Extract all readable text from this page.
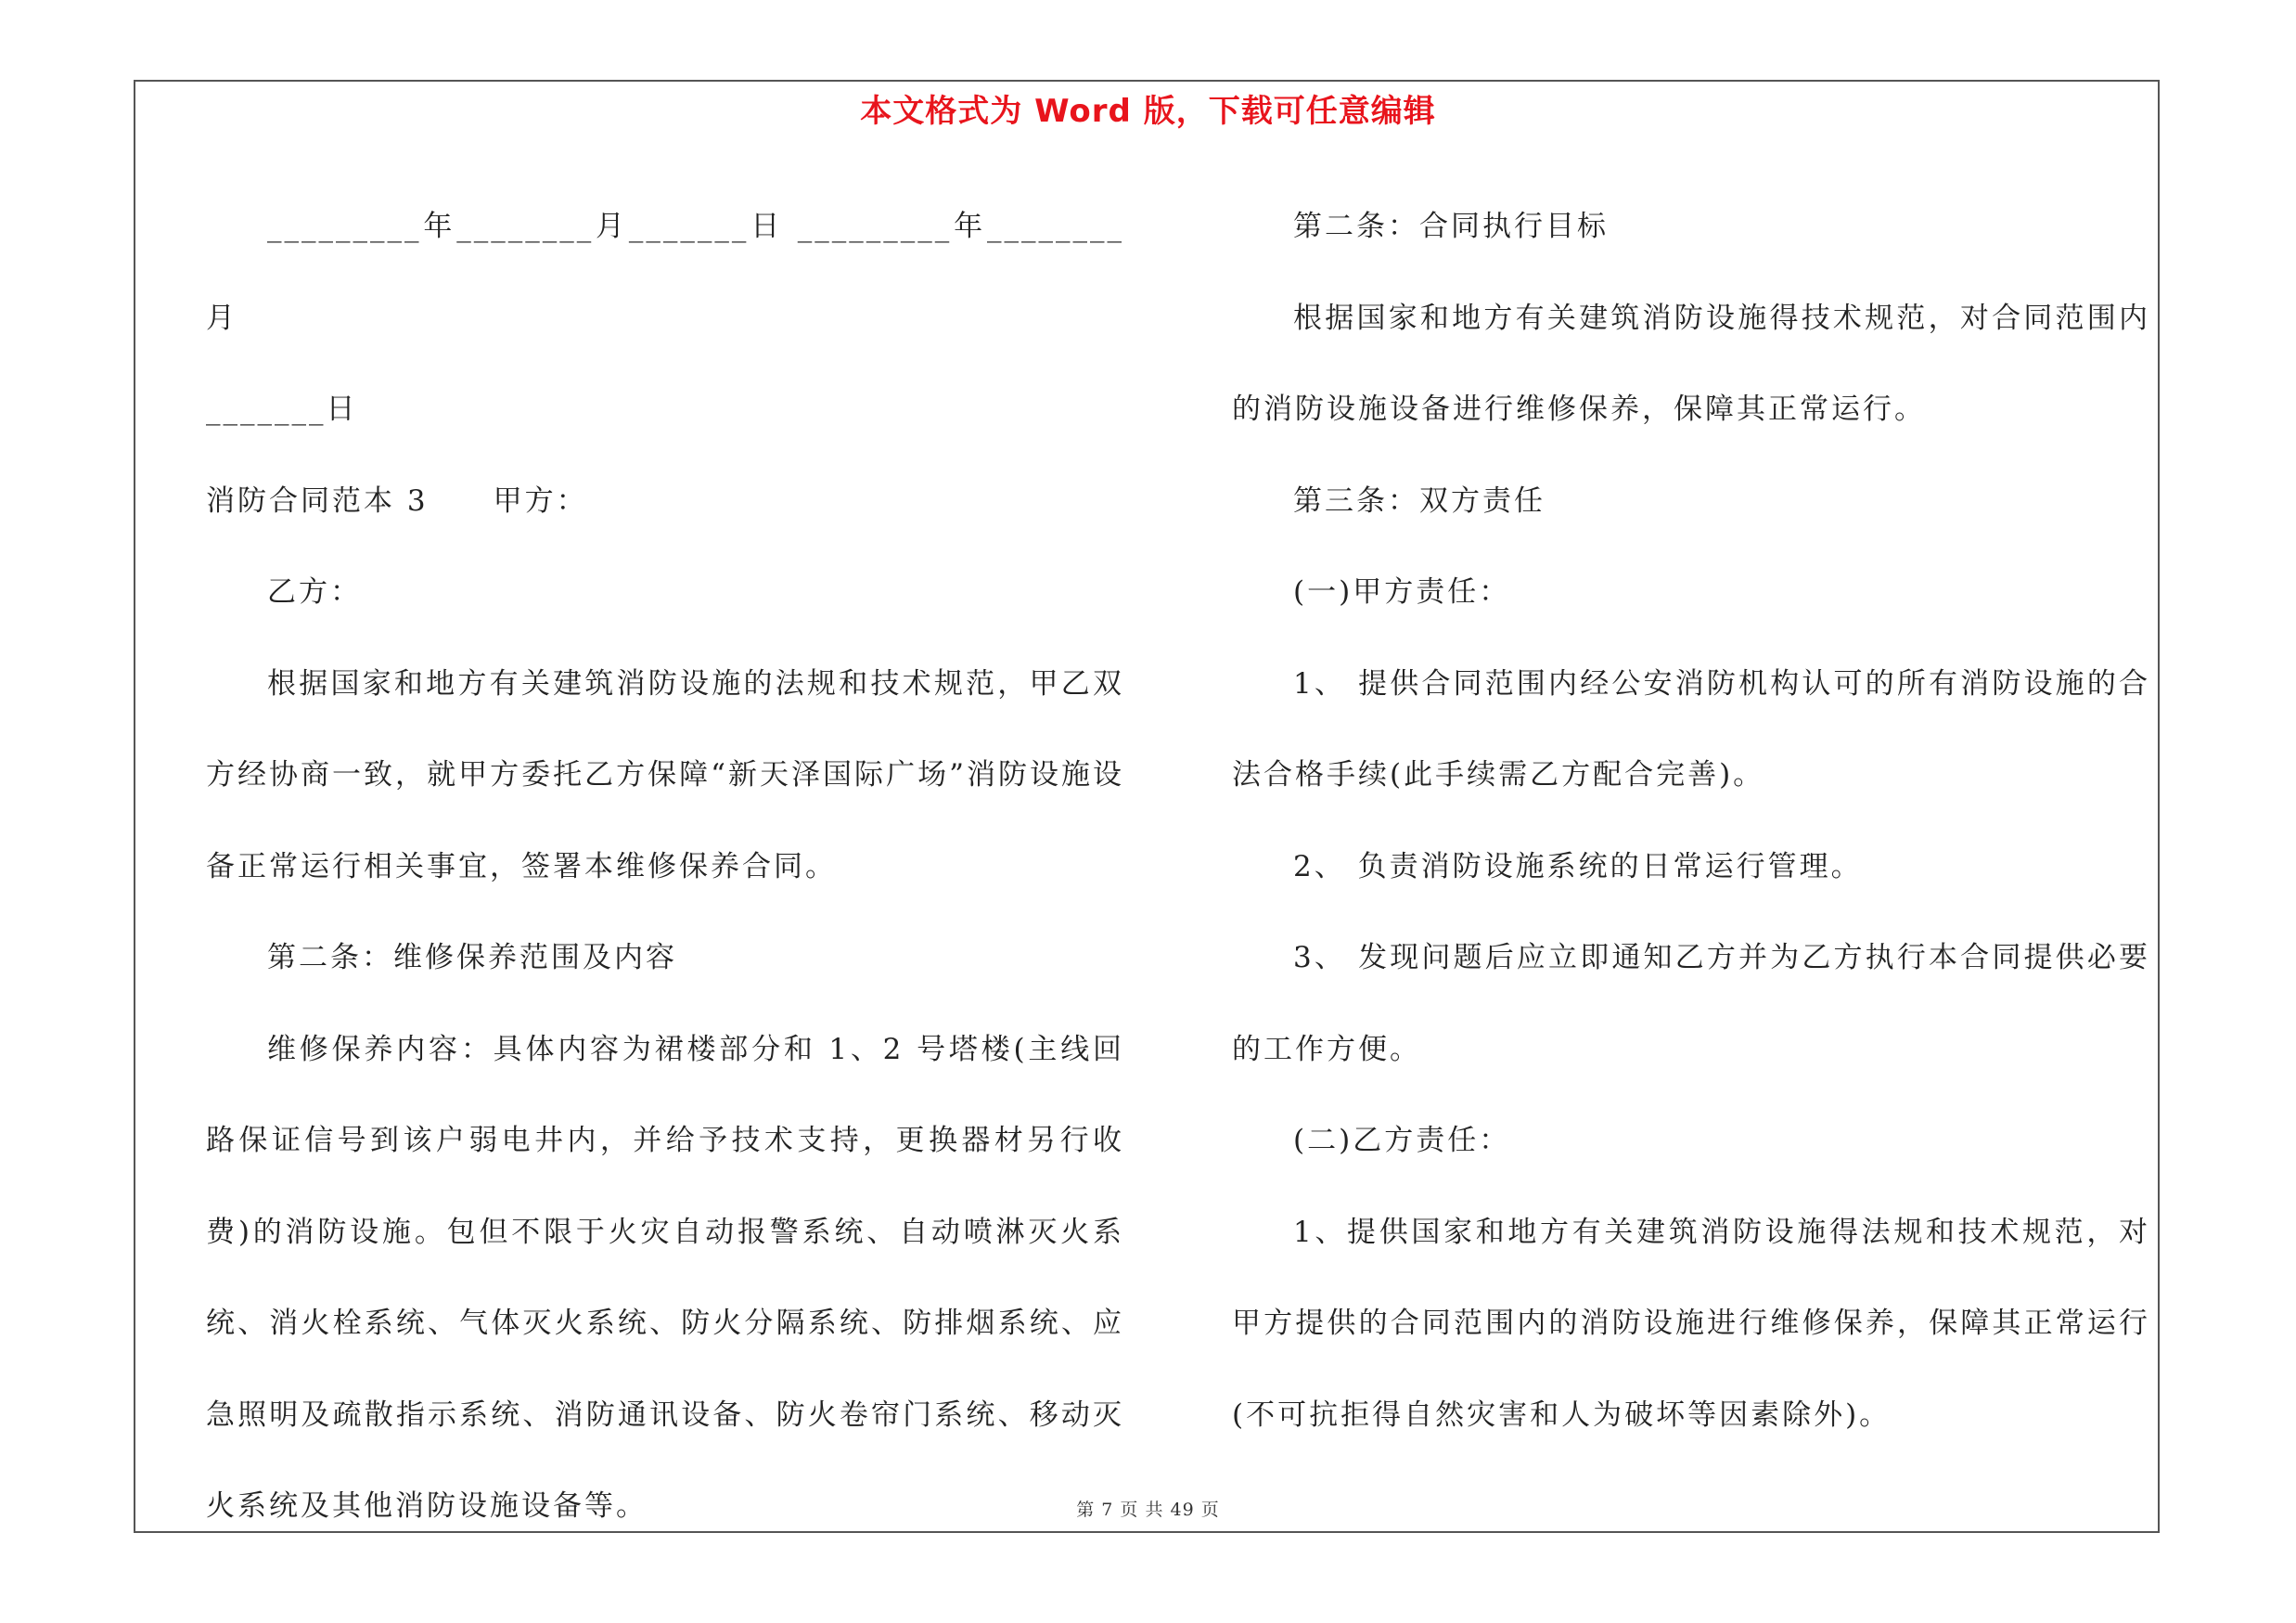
本文格式为 Word 版，下载可任意编辑

_________年________月_______日 _________年________月

_______日

消防合同范本 3 甲方：

乙方：

根据国家和地方有关建筑消防设施的法规和技术规范，甲乙双方经协商一致，就甲方委托乙方保障“新天泽国际广场”消防设施设备正常运行相关事宜，签署本维修保养合同。

第二条：维修保养范围及内容

维修保养内容：具体内容为裙楼部分和 1、2 号塔楼(主线回路保证信号到该户弱电井内，并给予技术支持，更换器材另行收费)的消防设施。包但不限于火灾自动报警系统、自动喷淋灭火系统、消火栓系统、气体灭火系统、防火分隔系统、防排烟系统、应急照明及疏散指示系统、消防通讯设备、防火卷帘门系统、移动灭火系统及其他消防设施设备等。

第二条：合同执行目标

根据国家和地方有关建筑消防设施得技术规范，对合同范围内的消防设施设备进行维修保养，保障其正常运行。

第三条：双方责任

(一)甲方责任：

1、 提供合同范围内经公安消防机构认可的所有消防设施的合法合格手续(此手续需乙方配合完善)。

2、 负责消防设施系统的日常运行管理。

3、 发现问题后应立即通知乙方并为乙方执行本合同提供必要的工作方便。

(二)乙方责任：

1、提供国家和地方有关建筑消防设施得法规和技术规范，对甲方提供的合同范围内的消防设施进行维修保养，保障其正常运行(不可抗拒得自然灾害和人为破坏等因素除外)。

第 7 页 共 49 页
